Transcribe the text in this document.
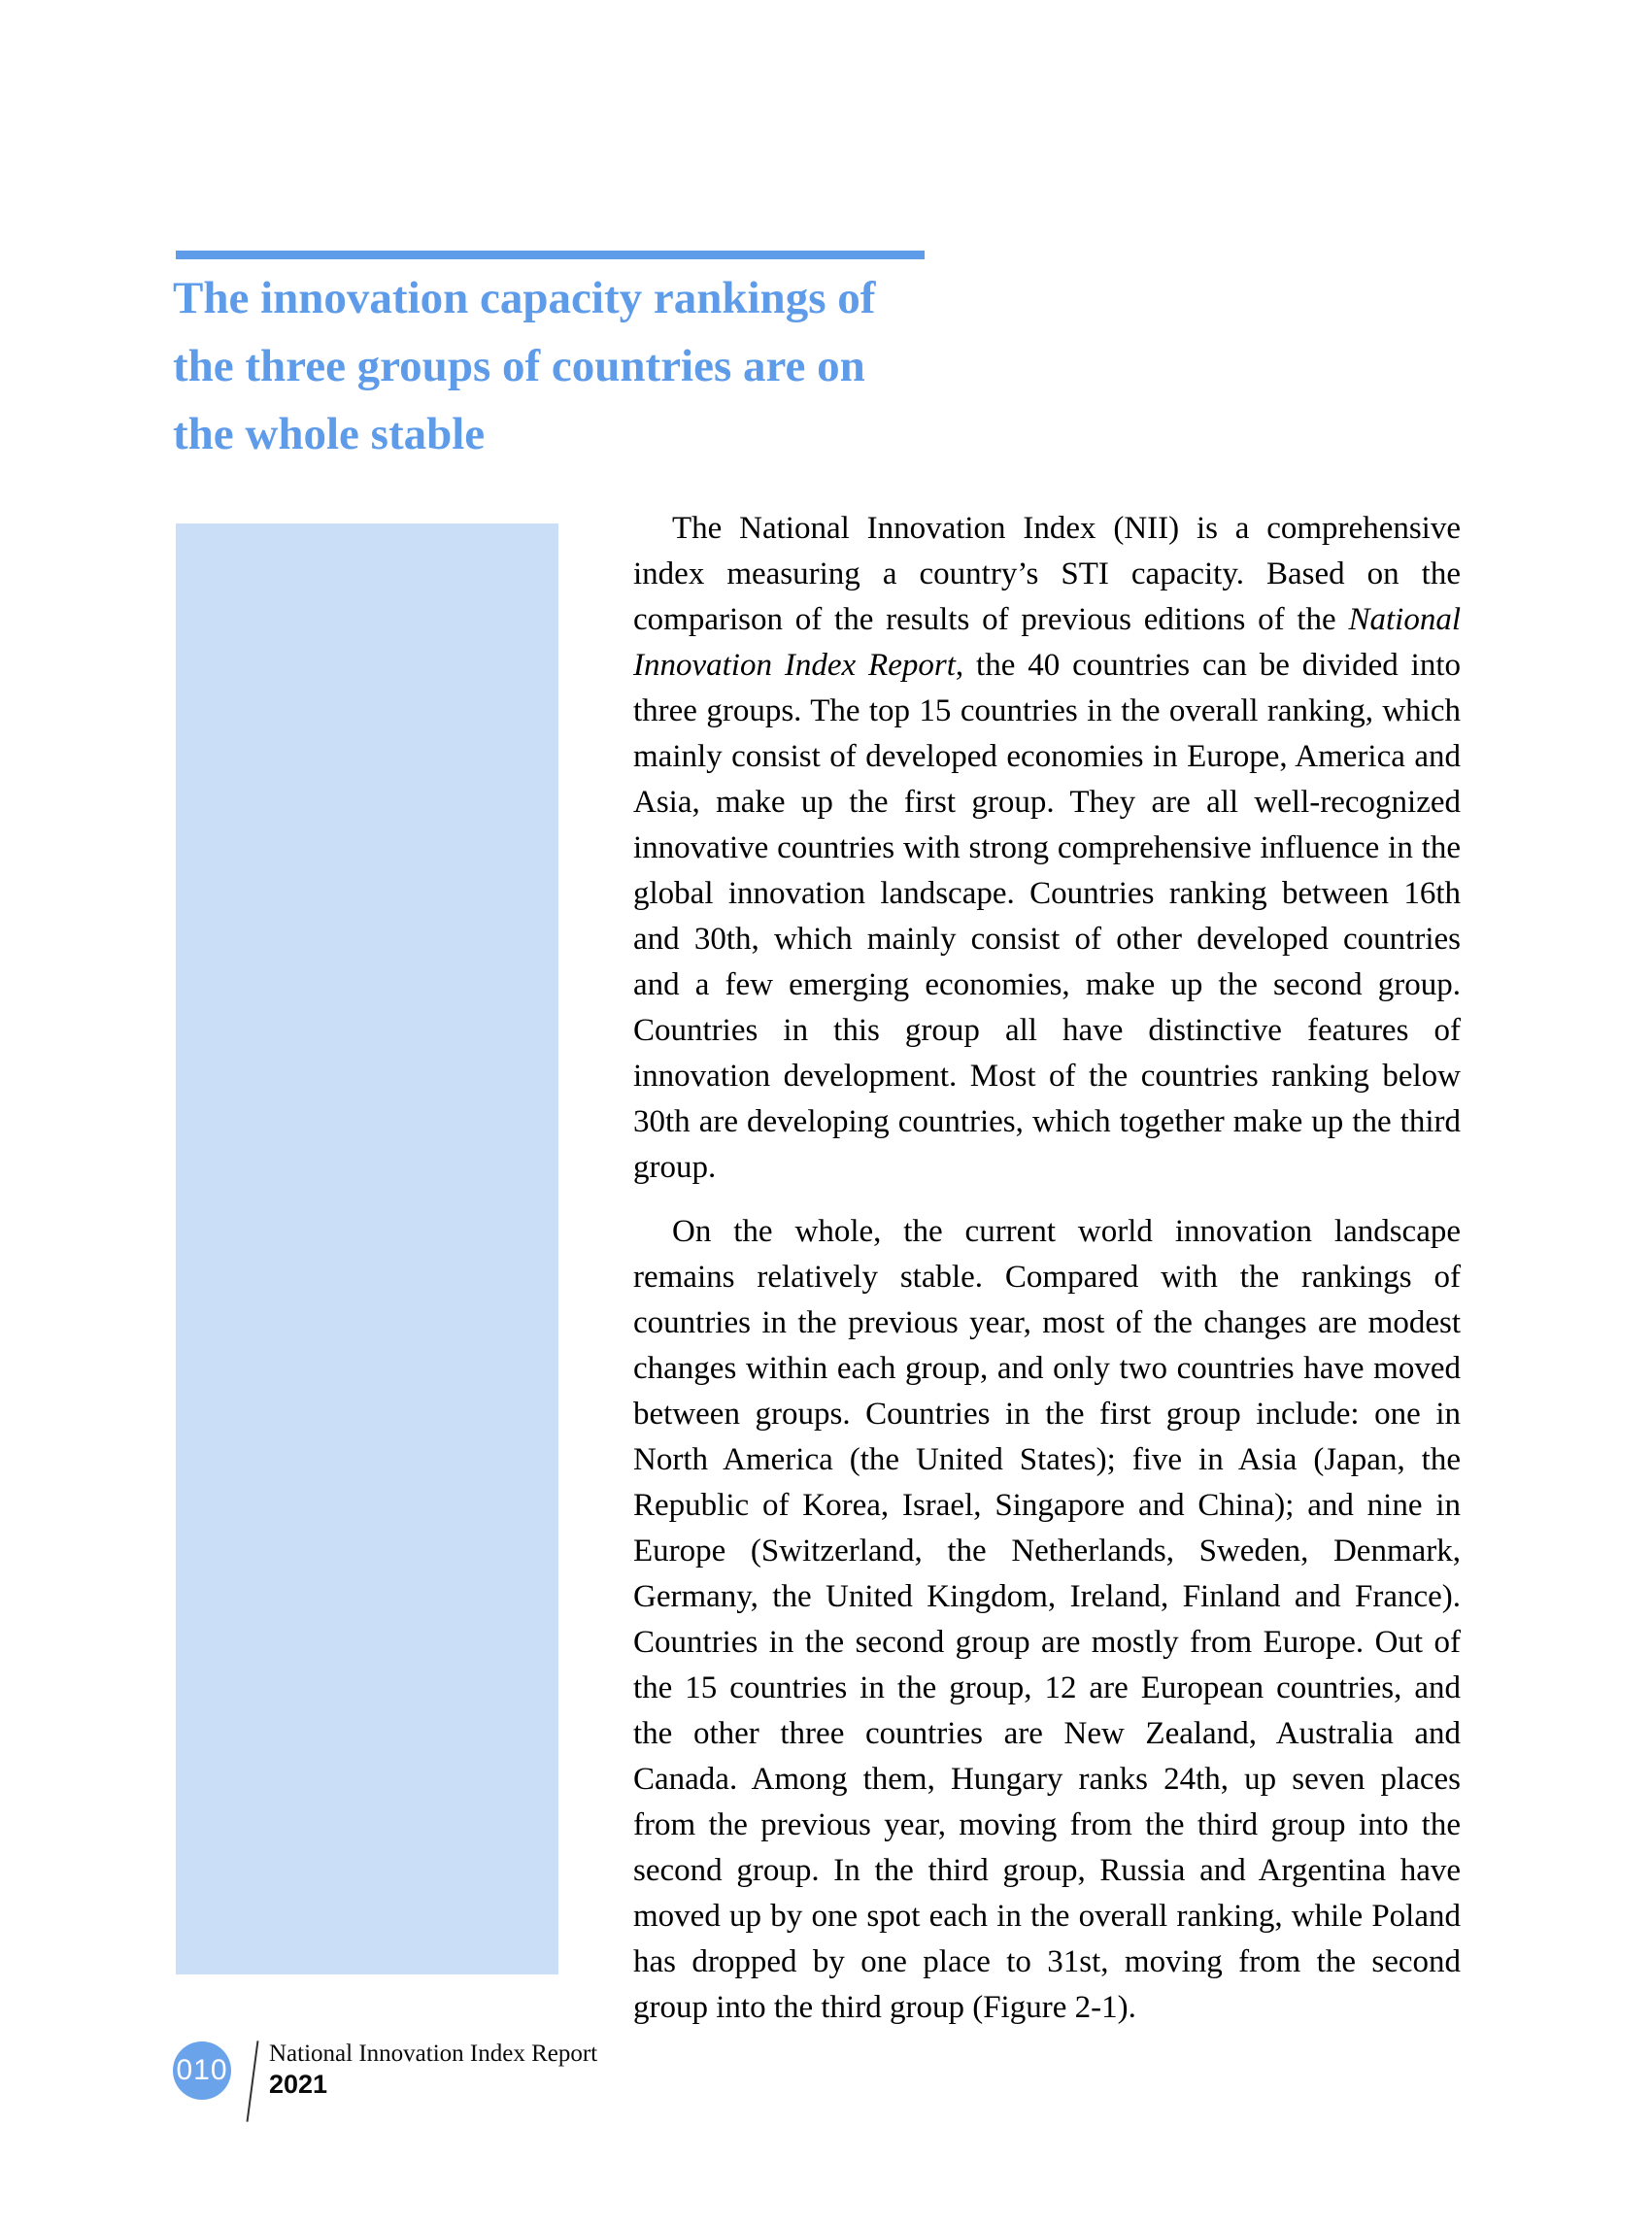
The innovation capacity rankings of
the three groups of countries are on
the whole stable

The National Innovation Index (NII) is a comprehensive index measuring a country’s STI capacity. Based on the comparison of the results of previous editions of the National Innovation Index Report, the 40 countries can be divided into three groups. The top 15 countries in the overall ranking, which mainly consist of developed economies in Europe, America and Asia, make up the first group. They are all well-recognized innovative countries with strong comprehensive influence in the global innovation landscape. Countries ranking between 16th and 30th, which mainly consist of other developed countries and a few emerging economies, make up the second group. Countries in this group all have distinctive features of innovation development. Most of the countries ranking below 30th are developing countries, which together make up the third group.

On the whole, the current world innovation landscape remains relatively stable. Compared with the rankings of countries in the previous year, most of the changes are modest changes within each group, and only two countries have moved between groups. Countries in the first group include: one in North America (the United States); five in Asia (Japan, the Republic of Korea, Israel, Singapore and China); and nine in Europe (Switzerland, the Netherlands, Sweden, Denmark, Germany, the United Kingdom, Ireland, Finland and France). Countries in the second group are mostly from Europe. Out of the 15 countries in the group, 12 are European countries, and the other three countries are New Zealand, Australia and Canada. Among them, Hungary ranks 24th, up seven places from the previous year, moving from the third group into the second group. In the third group, Russia and Argentina have moved up by one spot each in the overall ranking, while Poland has dropped by one place to 31st, moving from the second group into the third group (Figure 2-1).

010
National Innovation Index Report
2021
